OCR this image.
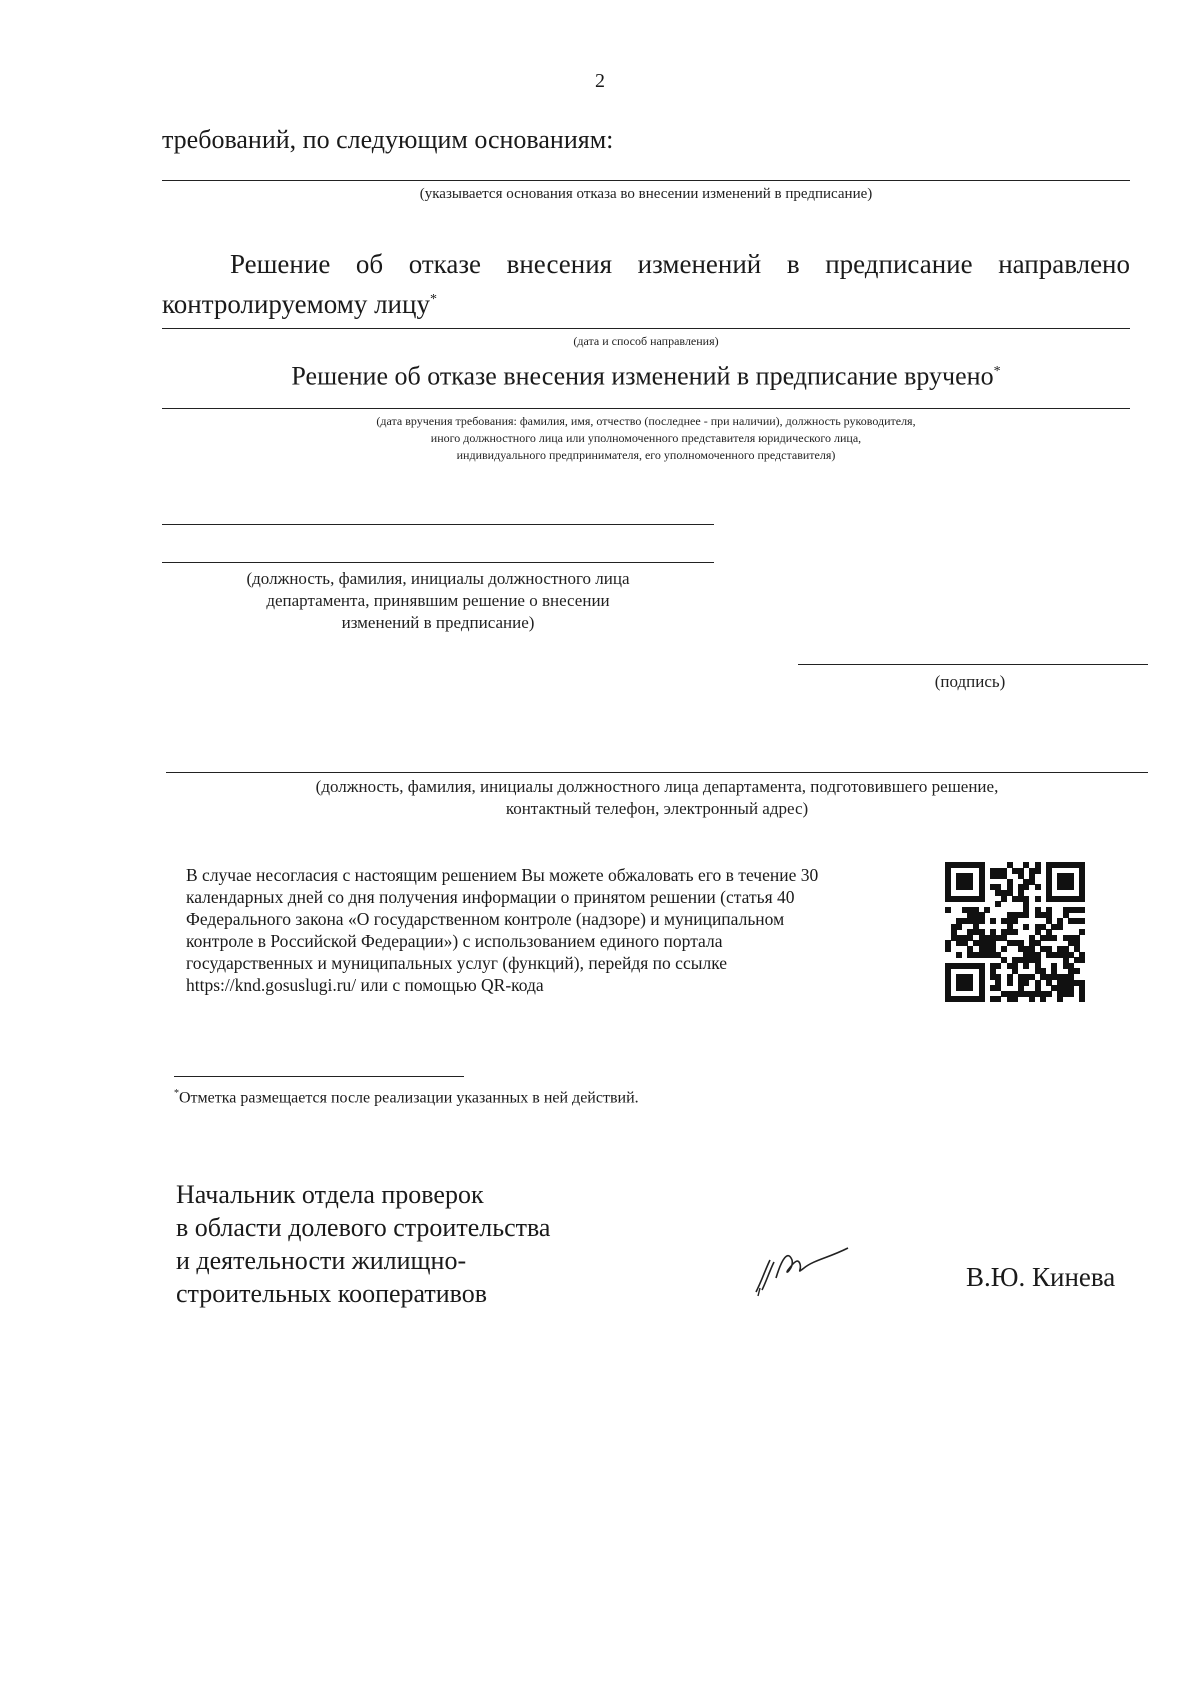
2
требований, по следующим основаниям:
(указывается основания отказа во внесении изменений в предписание)
Решение об отказе внесения изменений в предписание направлено
контролируемому лицу*
(дата и способ направления)
Решение об отказе внесения изменений в предписание вручено*
(дата вручения требования: фамилия, имя, отчество (последнее - при наличии), должность руководителя,
иного должностного лица или уполномоченного представителя юридического лица,
индивидуального предпринимателя, его уполномоченного представителя)
(должность, фамилия, инициалы должностного лица
департамента, принявшим решение о внесении
изменений в предписание)
(подпись)
(должность, фамилия, инициалы должностного лица департамента, подготовившего решение,
контактный телефон, электронный адрес)
В случае несогласия с настоящим решением Вы можете обжаловать его в течение 30
календарных дней со дня получения информации о принятом решении (статья 40
Федерального закона «О государственном контроле (надзоре) и муниципальном
контроле в Российской Федерации») с использованием единого портала
государственных и муниципальных услуг (функций), перейдя по ссылке
https://knd.gosuslugi.ru/ или с помощью QR-кода
*Отметка размещается после реализации указанных в ней действий.
Начальник отдела проверок
в области долевого строительства
и деятельности жилищно-
строительных кооперативов
В.Ю. Кинева
